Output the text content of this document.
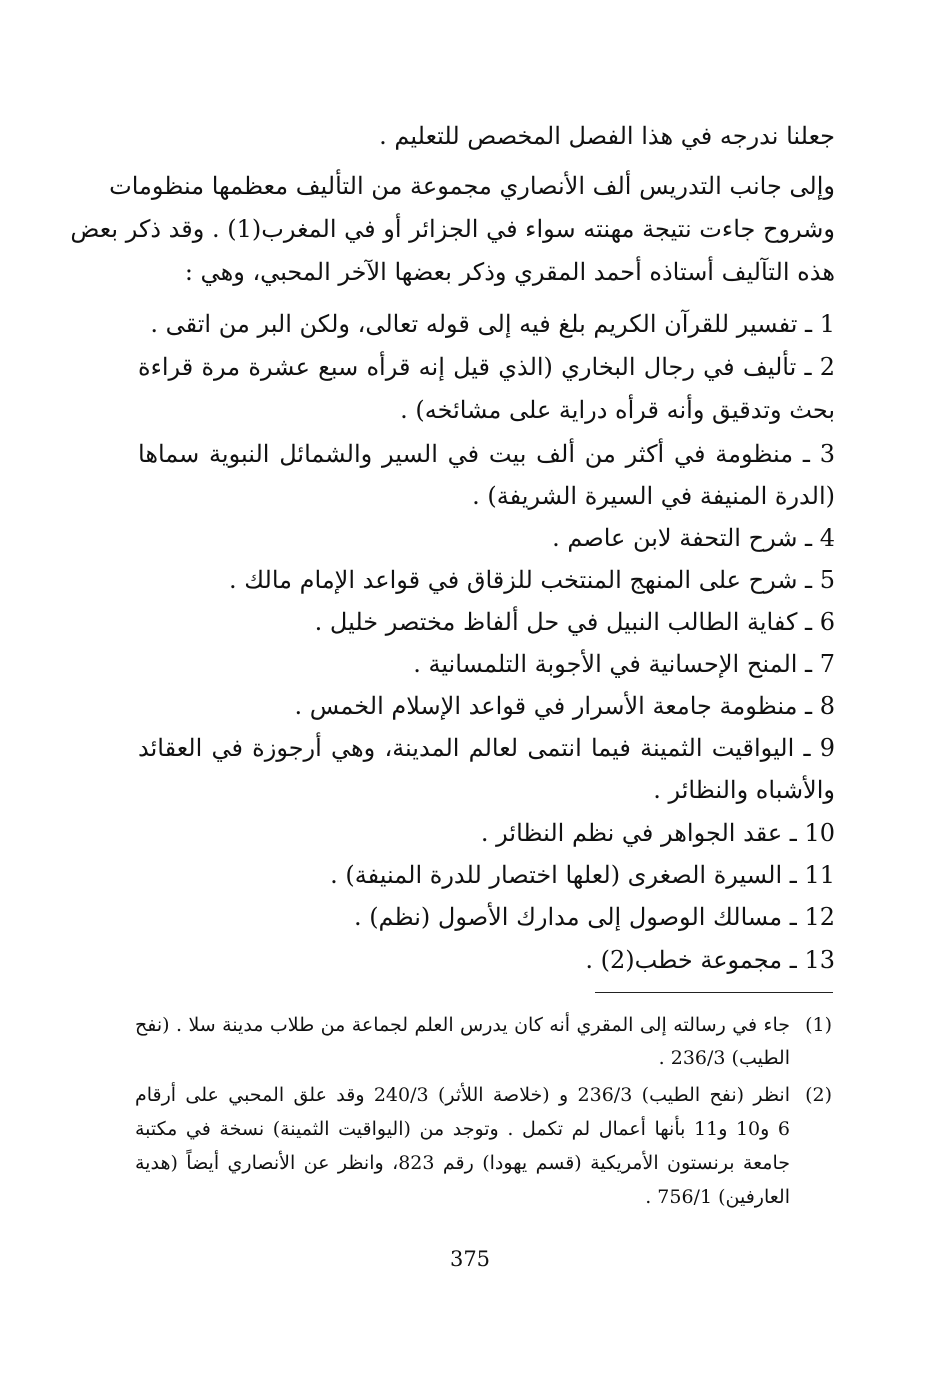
جعلنا ندرجه في هذا الفصل المخصص للتعليم .
وإلى جانب التدريس ألف الأنصاري مجموعة من التأليف معظمها منظومات
وشروح جاءت نتيجة مهنته سواء في الجزائر أو في المغرب(1) . وقد ذكر بعض
هذه التآليف أستاذه أحمد المقري وذكر بعضها الآخر المحبي، وهي :
1 ـ تفسير للقرآن الكريم بلغ فيه إلى قوله تعالى، ولكن البر من اتقى .
2 ـ تأليف في رجال البخاري (الذي قيل إنه قرأه سبع عشرة مرة قراءة
بحث وتدقيق وأنه قرأه دراية على مشائخه) .
3 ـ منظومة في أكثر من ألف بيت في السير والشمائل النبوية سماها
(الدرة المنيفة في السيرة الشريفة) .
4 ـ شرح التحفة لابن عاصم .
5 ـ شرح على المنهج المنتخب للزقاق في قواعد الإمام مالك .
6 ـ كفاية الطالب النبيل في حل ألفاظ مختصر خليل .
7 ـ المنح الإحسانية في الأجوبة التلمسانية .
8 ـ منظومة جامعة الأسرار في قواعد الإسلام الخمس .
9 ـ اليواقيت الثمينة فيما انتمى لعالم المدينة، وهي أرجوزة في العقائد
والأشباه والنظائر .
10 ـ عقد الجواهر في نظم النظائر .
11 ـ السيرة الصغرى (لعلها اختصار للدرة المنيفة) .
12 ـ مسالك الوصول إلى مدارك الأصول (نظم) .
13 ـ مجموعة خطب(2) .
(1)
جاء في رسالته إلى المقري أنه كان يدرس العلم لجماعة من طلاب مدينة سلا . (نفح
الطيب) 236/3 .
(2)
انظر (نفح الطيب) 236/3 و (خلاصة اللأثر) 240/3 وقد علق المحبي على أرقام
6 و10 و11 بأنها أعمال لم تكمل . وتوجد من (اليواقيت الثمينة) نسخة في مكتبة
جامعة برنستون الأمريكية (قسم يهودا) رقم 823، وانظر عن الأنصاري أيضاً (هدية
العارفين) 756/1 .
375
